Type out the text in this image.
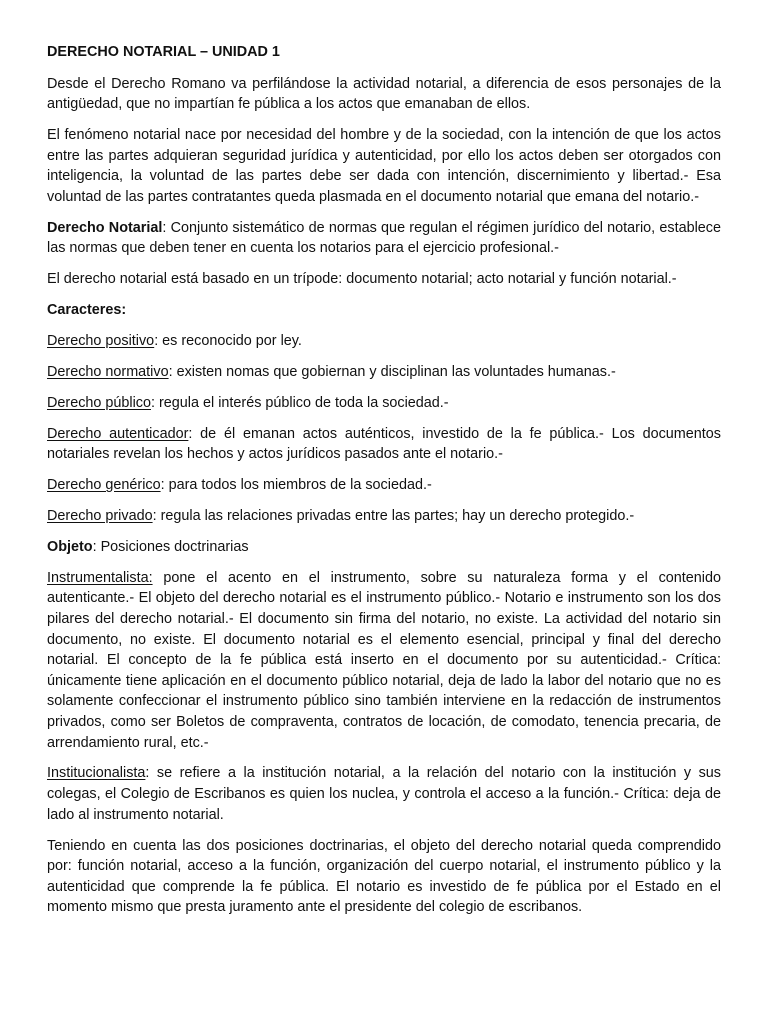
DERECHO NOTARIAL – UNIDAD 1

Desde el Derecho Romano va perfilándose la actividad notarial, a diferencia de esos personajes de la antigüedad, que no impartían fe pública a los actos que emanaban de ellos.

El fenómeno notarial nace por necesidad del hombre y de la sociedad, con la intención de que los actos entre las partes adquieran seguridad jurídica y autenticidad, por ello los actos deben ser otorgados con inteligencia, la voluntad de las partes debe ser dada con intención, discernimiento y libertad.- Esa voluntad de las partes contratantes queda plasmada en el documento notarial que emana del notario.-

Derecho Notarial: Conjunto sistemático de normas que regulan el régimen jurídico del notario, establece las normas que deben tener en cuenta los notarios para el ejercicio profesional.-

El derecho notarial está basado en un trípode: documento notarial; acto notarial y función notarial.-

Caracteres:

Derecho positivo: es reconocido por ley.

Derecho normativo: existen nomas que gobiernan y disciplinan las voluntades humanas.-

Derecho público: regula el interés público de toda la sociedad.-

Derecho autenticador: de él emanan actos auténticos, investido de la fe pública.- Los documentos notariales revelan los hechos y actos jurídicos pasados ante el notario.-

Derecho genérico: para todos los miembros de la sociedad.-

Derecho privado: regula las relaciones privadas entre las partes; hay un derecho protegido.-

Objeto: Posiciones doctrinarias

Instrumentalista: pone el acento en el instrumento, sobre su naturaleza forma y el contenido autenticante.- El objeto del derecho notarial es el instrumento público.- Notario e instrumento son los dos pilares del derecho notarial.- El documento sin firma del notario, no existe. La actividad del notario sin documento, no existe. El documento notarial es el elemento esencial, principal y final del derecho notarial. El concepto de la fe pública está inserto en el documento por su autenticidad.- Crítica: únicamente tiene aplicación en el documento público notarial, deja de lado la labor del notario que no es solamente confeccionar el instrumento público sino también interviene en la redacción de instrumentos privados, como ser Boletos de compraventa, contratos de locación, de comodato, tenencia precaria, de arrendamiento rural, etc.-

Institucionalista: se refiere a la institución notarial, a la relación del notario con la institución y sus colegas, el Colegio de Escribanos es quien los nuclea, y controla el acceso a la función.- Crítica: deja de lado al instrumento notarial.

Teniendo en cuenta las dos posiciones doctrinarias, el objeto del derecho notarial queda comprendido por: función notarial, acceso a la función, organización del cuerpo notarial, el instrumento público y la autenticidad que comprende la fe pública. El notario es investido de fe pública por el Estado en el momento mismo que presta juramento ante el presidente del colegio de escribanos.
